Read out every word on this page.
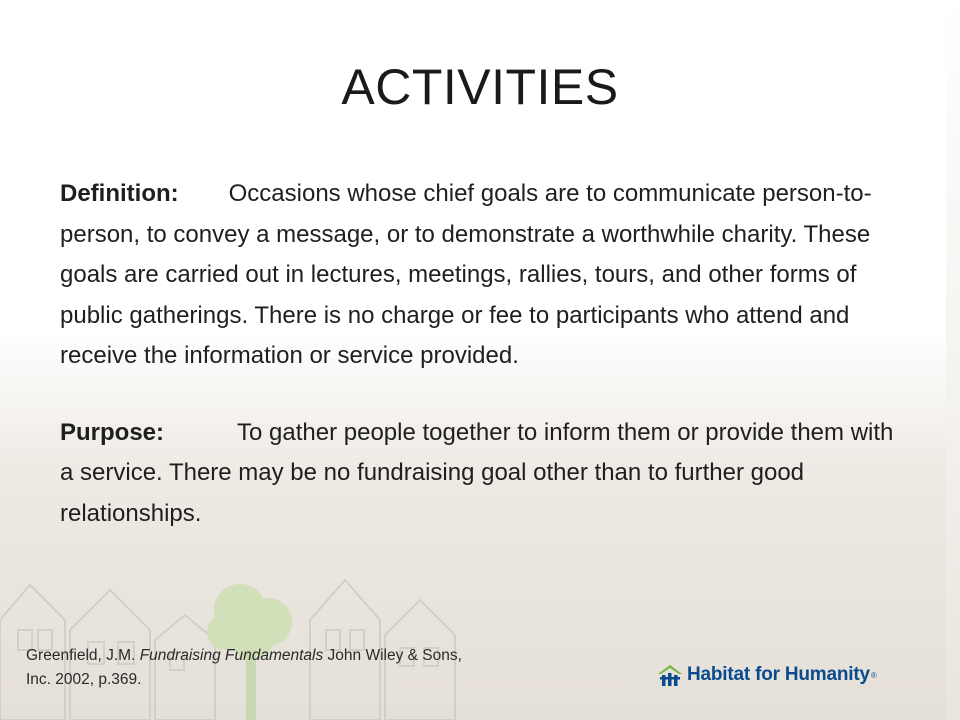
ACTIVITIES

Definition: Occasions whose chief goals are to communicate person-to-person, to convey a message, or to demonstrate a worthwhile charity. These goals are carried out in lectures, meetings, rallies, tours, and other forms of public gatherings. There is no charge or fee to participants who attend and receive the information or service provided.

Purpose:	To gather people together to inform them or provide them with a service. There may be no fundraising goal other than to further good relationships.

Greenfield, J.M. Fundraising Fundamentals John Wiley & Sons, Inc. 2002, p.369.	Habitat for Humanity ®
